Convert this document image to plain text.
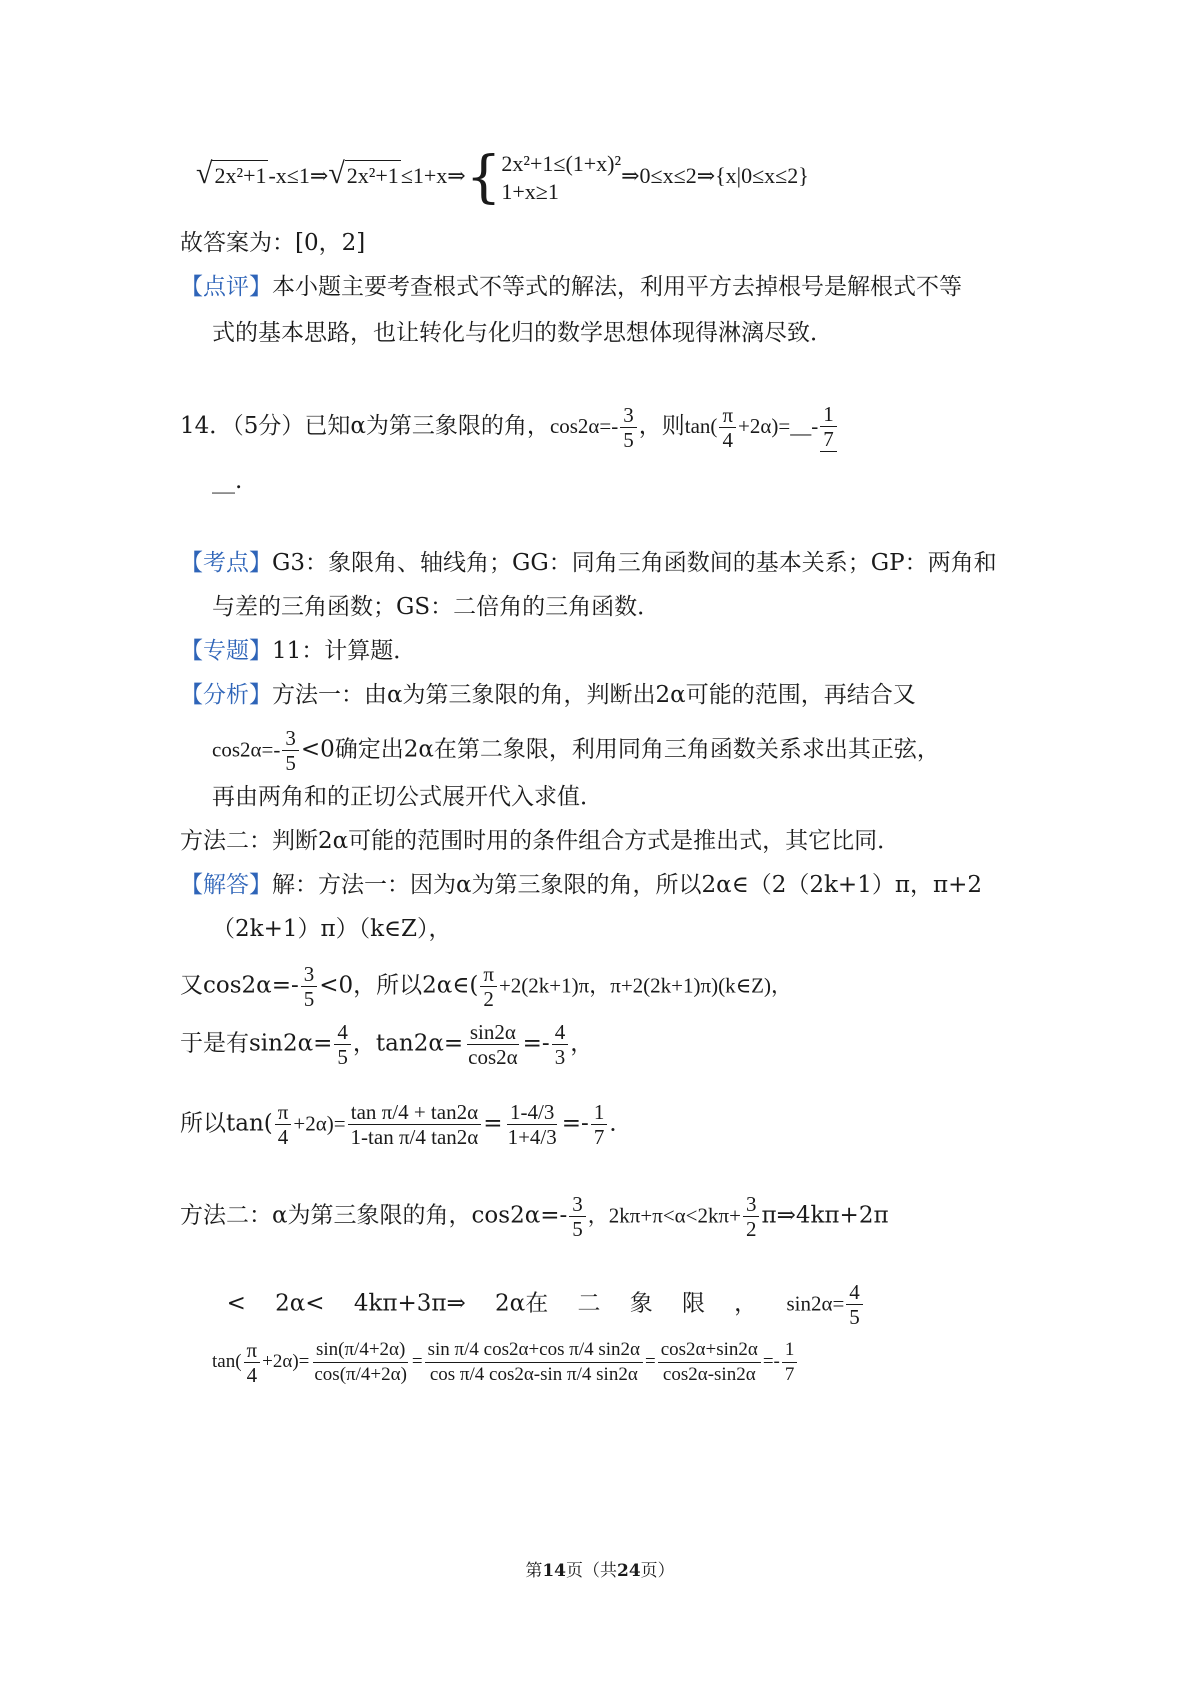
√2x²+1-x≤1⇒√2x²+1≤1+x⇒ { 2x²+1≤(1+x)²
1+x≥1
⇒0≤x≤2⇒{x|0≤x≤2}
故答案为：[0，2]
【点评】本小题主要考查根式不等式的解法，利用平方去掉根号是解根式不等
式的基本思路，也让转化与化归的数学思想体现得淋漓尽致．
14．（5分）已知α为第三象限的角，$\cos 2\alpha=- \frac{3}{5}$ ，则$\tan( \frac{\pi}{4}$ +2α)=__- $\frac{1}{7}$
__.
【考点】G3：象限角、轴线角；GG：同角三角函数间的基本关系；GP：两角和
与差的三角函数；GS：二倍角的三角函数．
【专题】11：计算题．
【分析】方法一：由α为第三象限的角，判断出2α可能的范围，再结合又
$\cos 2\alpha=- \frac{3}{5} <0$确定出2α在第二象限，利用同角三角函数关系求出其正弦，
再由两角和的正切公式展开代入求值．
方法二：判断2α可能的范围时用的条件组合方式是推出式，其它比同．
【解答】解：方法一：因为α为第三象限的角，所以2α∈（2（2k+1）π，π+2
（2k+1）π）（k∈Z），
又$\cos 2\alpha=- \frac{3}{5} <0$，所以2α∈( $\frac{\pi}{2} +2(2k+1)\pi$，π+2(2k+1)π)(k∈Z)，
于是有$\sin 2\alpha= \frac{4}{5}$ ，$\tan 2\alpha= \frac{\sin 2\alpha}{\cos 2\alpha} =- \frac{4}{3}$ ，
所以$\tan( \frac{\pi}{4} +2\alpha)= \frac{\text{tan π/4 + tan2α}}{\text{1-tan π/4 tan2α}} = \frac{1-4/3}{1+4/3} =- \frac{1}{7}$ ．
方法二：α为第三象限的角，$\cos 2\alpha=- \frac{3}{5}$ ，$2k\pi+\pi<\alpha<2k\pi+ \frac{3}{2}$ π⇒4kπ+2π

<    2α<    4kπ+3π⇒    2α在    二    象    限    ， $\sin 2\alpha= \frac{4}{5}$

$\tan( \frac{\pi}{4} +2\alpha)= \frac{\sin(\pi/4+2\alpha)}{\cos(\pi/4+2\alpha)} = \frac{\text{sin π/4 cos2α+cos π/4 sin2α}}{\text{cos π/4 cos2α-sin π/4 sin2α}} = \frac{\cos 2\alpha+\sin 2\alpha}{\cos 2\alpha-\sin 2\alpha} =- \frac{1}{7}$
第14页（共24页）
